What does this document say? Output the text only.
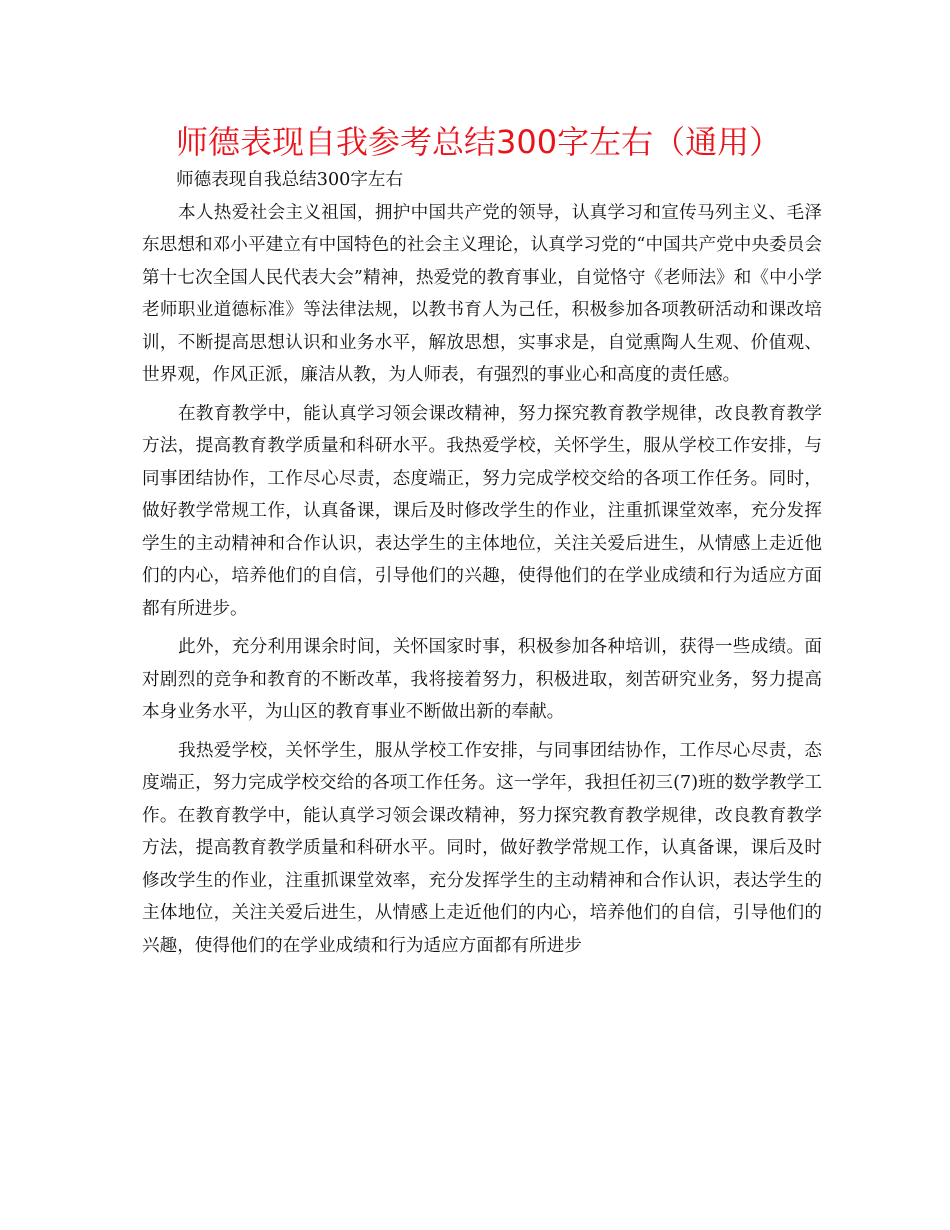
师德表现自我参考总结300字左右（通用）

师德表现自我总结300字左右

本人热爱社会主义祖国，拥护中国共产党的领导，认真学习和宣传马列主义、毛泽东思想和邓小平建立有中国特色的社会主义理论，认真学习党的“中国共产党中央委员会第十七次全国人民代表大会”精神，热爱党的教育事业，自觉恪守《老师法》和《中小学老师职业道德标准》等法律法规，以教书育人为己任，积极参加各项教研活动和课改培训，不断提高思想认识和业务水平，解放思想，实事求是，自觉熏陶人生观、价值观、世界观，作风正派，廉洁从教，为人师表，有强烈的事业心和高度的责任感。

在教育教学中，能认真学习领会课改精神，努力探究教育教学规律，改良教育教学方法，提高教育教学质量和科研水平。我热爱学校，关怀学生，服从学校工作安排，与同事团结协作，工作尽心尽责，态度端正，努力完成学校交给的各项工作任务。同时，做好教学常规工作，认真备课，课后及时修改学生的作业，注重抓课堂效率，充分发挥学生的主动精神和合作认识，表达学生的主体地位，关注关爱后进生，从情感上走近他们的内心，培养他们的自信，引导他们的兴趣，使得他们的在学业成绩和行为适应方面都有所进步。

此外，充分利用课余时间，关怀国家时事，积极参加各种培训，获得一些成绩。面对剧烈的竞争和教育的不断改革，我将接着努力，积极进取，刻苦研究业务，努力提高本身业务水平，为山区的教育事业不断做出新的奉献。

我热爱学校，关怀学生，服从学校工作安排，与同事团结协作，工作尽心尽责，态度端正，努力完成学校交给的各项工作任务。这一学年，我担任初三(7)班的数学教学工作。在教育教学中，能认真学习领会课改精神，努力探究教育教学规律，改良教育教学方法，提高教育教学质量和科研水平。同时，做好教学常规工作，认真备课，课后及时修改学生的作业，注重抓课堂效率，充分发挥学生的主动精神和合作认识，表达学生的主体地位，关注关爱后进生，从情感上走近他们的内心，培养他们的自信，引导他们的兴趣，使得他们的在学业成绩和行为适应方面都有所进步
